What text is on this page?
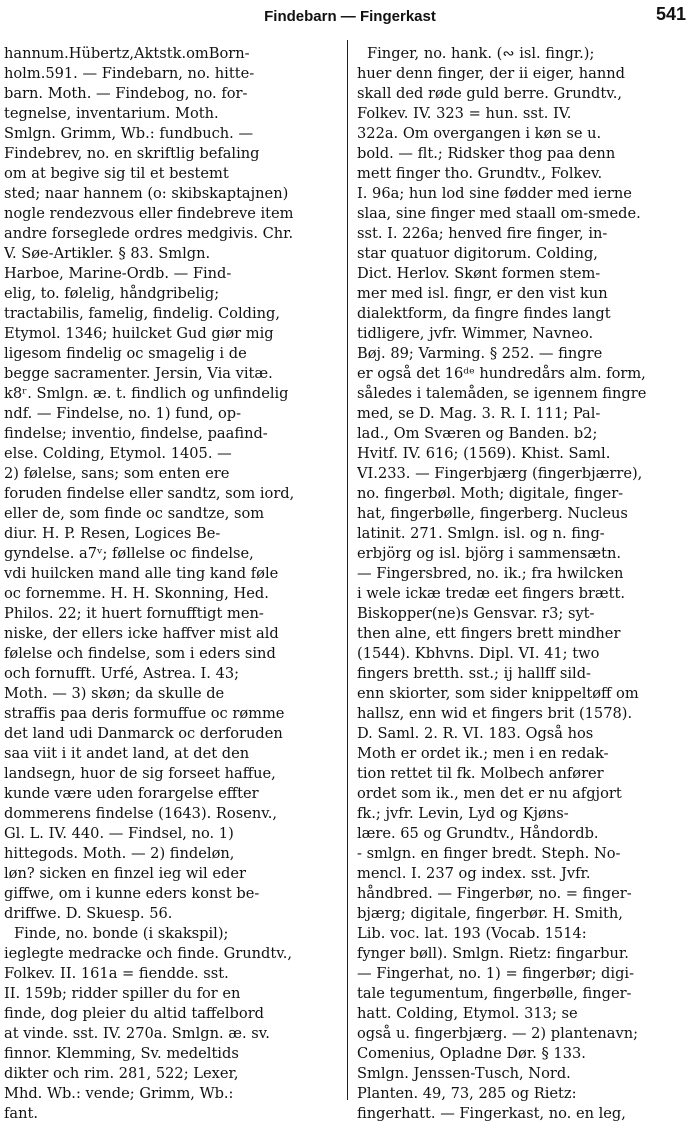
Findebarn — Fingerkast	541
hannum.Hübertz,Aktstk.omBorn-
holm.591. — Findebarn, no. hitte-
barn. Moth. — Findebog, no. for-
tegnelse, inventarium. Moth.
Smlgn. Grimm, Wb.: fundbuch. —
Findebrev, no. en skriftlig befaling
om at begive sig til et bestemt
sted; naar hannem (o: skibskaptajnen)
nogle rendezvous eller findebreve item
andre forseglede ordres medgivis. Chr.
V. Søe-Artikler. § 83. Smlgn.
Harboe, Marine-Ordb. — Find-
elig, to. følelig, håndgribelig;
tractabilis, famelig, findelig. Colding,
Etymol. 1346; huilcket Gud giør mig
ligesom findelig oc smagelig i de
begge sacramenter. Jersin, Via vitæ.
k8ʳ. Smlgn. æ. t. findlich og unfindelig
ndf. — Findelse, no. 1) fund, op-
findelse; inventio, findelse, paafind-
else. Colding, Etymol. 1405. —
2) følelse, sans; som enten ere
foruden findelse eller sandtz, som iord,
eller de, som finde oc sandtze, som
diur. H. P. Resen, Logices Be-
gyndelse. a7ᵛ; føllelse oc findelse,
vdi huilcken mand alle ting kand føle
oc fornemme. H. H. Skonning, Hed.
Philos. 22; it huert fornufftigt men-
niske, der ellers icke haffver mist ald
følelse och findelse, som i eders sind
och fornufft. Urfé, Astrea. I. 43;
Moth. — 3) skøn; da skulle de
straffis paa deris formuffue oc rømme
det land udi Danmarck oc derforuden
saa viit i it andet land, at det den
landsegn, huor de sig forseet haffue,
kunde være uden forargelse effter
dommerens findelse (1643). Rosenv.,
Gl. L. IV. 440. — Findsel, no. 1)
hittegods. Moth. — 2) findeløn,
løn? sicken en finzel ieg wil eder
giffwe, om i kunne eders konst be-
driffwe. D. Skuesp. 56.
Finde, no. bonde (i skakspil);
ieglegte medracke och finde. Grundtv.,
Folkev. II. 161a = fiendde. sst.
II. 159b; ridder spiller du for en
finde, dog pleier du altid taffelbord
at vinde. sst. IV. 270a. Smlgn. æ. sv.
finnor. Klemming, Sv. medeltids
dikter och rim. 281, 522; Lexer,
Mhd. Wb.: vende; Grimm, Wb.:
fant.
Finger, no. hank. (∾ isl. fingr.);
huer denn finger, der ii eiger, hannd
skall ded røde guld berre. Grundtv.,
Folkev. IV. 323 = hun. sst. IV.
322a. Om overgangen i køn se u.
bold. — flt.; Ridsker thog paa denn
mett finger tho. Grundtv., Folkev.
I. 96a; hun lod sine fødder med ierne
slaa, sine finger med staall om-smede.
sst. I. 226a; henved fire finger, in-
star quatuor digitorum. Colding,
Dict. Herlov. Skønt formen stem-
mer med isl. fingr, er den vist kun
dialektform, da fingre findes langt
tidligere, jvfr. Wimmer, Navneo.
Bøj. 89; Varming. § 252. — fingre
er også det 16ᵈᵉ hundredårs alm. form,
således i talemåden, se igennem fingre
med, se D. Mag. 3. R. I. 111; Pal-
lad., Om Sværen og Banden. b2;
Hvitf. IV. 616; (1569). Khist. Saml.
VI.233. — Fingerbjærg (fingerbjærre),
no. fingerbøl. Moth; digitale, finger-
hat, fingerbølle, fingerberg. Nucleus
latinit. 271. Smlgn. isl. og n. fing-
erbjörg og isl. björg i sammensætn.
— Fingersbred, no. ik.; fra hwilcken
i wele ickæ tredæ eet fingers brætt.
Biskopper(ne)s Gensvar. r3; syt-
then alne, ett fingers brett mindher
(1544). Kbhvns. Dipl. VI. 41; two
fingers bretth. sst.; ij hallff sild-
enn skiorter, som sider knippeltøff om
hallsz, enn wid et fingers brit (1578).
D. Saml. 2. R. VI. 183. Også hos
Moth er ordet ik.; men i en redak-
tion rettet til fk. Molbech anfører
ordet som ik., men det er nu afgjort
fk.; jvfr. Levin, Lyd og Kjøns-
lære. 65 og Grundtv., Håndordb.
- smlgn. en finger bredt. Steph. No-
mencl. I. 237 og index. sst. Jvfr.
håndbred. — Fingerbør, no. = finger-
bjærg; digitale, fingerbør. H. Smith,
Lib. voc. lat. 193 (Vocab. 1514:
fynger bøll). Smlgn. Rietz: fingarbur.
— Fingerhat, no. 1) = fingerbør; digi-
tale tegumentum, fingerbølle, finger-
hatt. Colding, Etymol. 313; se
også u. fingerbjærg. — 2) plantenavn;
Comenius, Opladne Dør. § 133.
Smlgn. Jenssen-Tusch, Nord.
Planten. 49, 73, 285 og Rietz:
fingerhatt. — Fingerkast, no. en leg,
